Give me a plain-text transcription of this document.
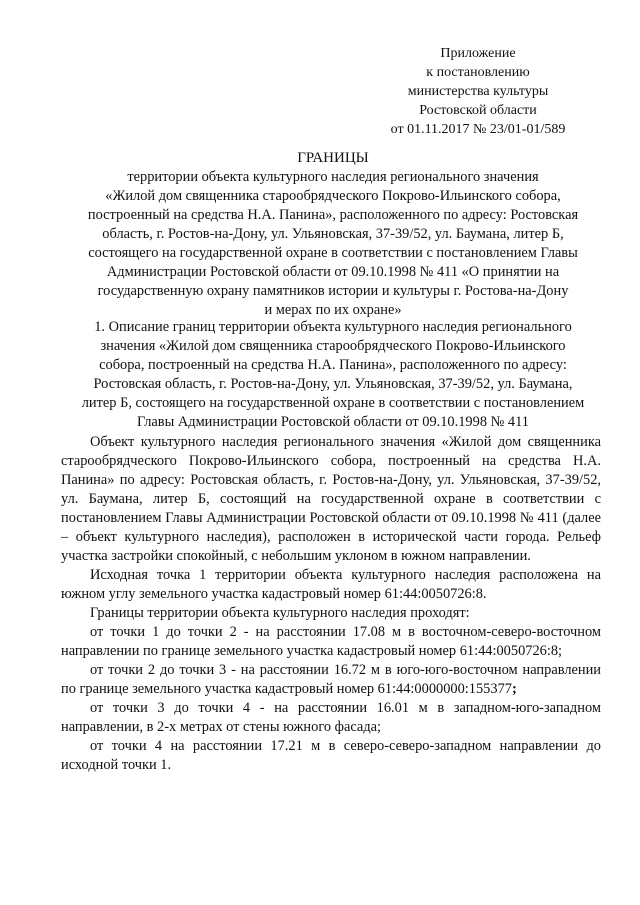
Приложение
к постановлению
министерства культуры
Ростовской области
от 01.11.2017 № 23/01-01/589
ГРАНИЦЫ
территории объекта культурного наследия регионального значения
«Жилой дом священника старообрядческого Покрово-Ильинского собора,
построенный на средства Н.А. Панина», расположенного по адресу: Ростовская
область, г. Ростов-на-Дону, ул. Ульяновская, 37-39/52, ул. Баумана, литер Б,
состоящего на государственной охране в соответствии с постановлением Главы
Администрации Ростовской области от 09.10.1998 № 411 «О принятии на
государственную охрану памятников истории и культуры г. Ростова-на-Дону
и мерах по их охране»
1. Описание границ территории объекта культурного наследия регионального
значения «Жилой дом священника старообрядческого Покрово-Ильинского
собора, построенный на средства Н.А. Панина», расположенного по адресу:
Ростовская область, г. Ростов-на-Дону, ул. Ульяновская, 37-39/52, ул. Баумана,
литер Б, состоящего на государственной охране в соответствии с постановлением
Главы Администрации Ростовской области от 09.10.1998 № 411

Объект культурного наследия регионального значения «Жилой дом священника старообрядческого Покрово-Ильинского собора, построенный на средства Н.А. Панина» по адресу: Ростовская область, г. Ростов-на-Дону, ул. Ульяновская, 37-39/52, ул. Баумана, литер Б, состоящий на государственной охране в соответствии с постановлением Главы Администрации Ростовской области от 09.10.1998 № 411 (далее – объект культурного наследия), расположен в исторической части города. Рельеф участка застройки спокойный, с небольшим уклоном в южном направлении.

Исходная точка 1 территории объекта культурного наследия расположена на южном углу земельного участка кадастровый номер 61:44:0050726:8.

Границы территории объекта культурного наследия проходят:

от точки 1 до точки 2 - на расстоянии 17.08 м в восточном-северо-восточном направлении по границе земельного участка кадастровый номер 61:44:0050726:8;

от точки 2 до точки 3 - на расстоянии 16.72 м в юго-юго-восточном направлении по границе земельного участка кадастровый номер 61:44:0000000:155377;

от точки 3 до точки 4 - на расстоянии 16.01 м в западном-юго-западном направлении, в 2-х метрах от стены южного фасада;

от точки 4 на расстоянии 17.21 м в северо-северо-западном направлении до исходной точки 1.
